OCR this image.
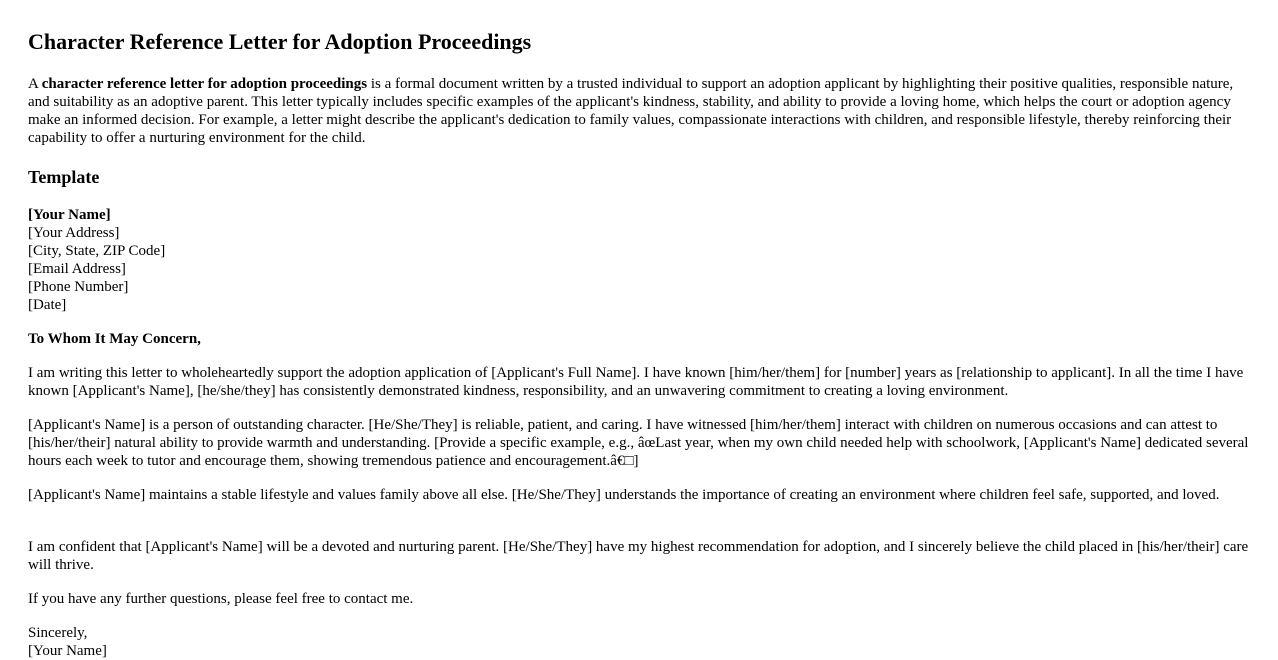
Character Reference Letter for Adoption Proceedings

A character reference letter for adoption proceedings is a formal document written by a trusted individual to support an adoption applicant by highlighting their positive qualities, responsible nature, and suitability as an adoptive parent. This letter typically includes specific examples of the applicant's kindness, stability, and ability to provide a loving home, which helps the court or adoption agency make an informed decision. For example, a letter might describe the applicant's dedication to family values, compassionate interactions with children, and responsible lifestyle, thereby reinforcing their capability to offer a nurturing environment for the child.

Template

[Your Name]
[Your Address]
[City, State, ZIP Code]
[Email Address]
[Phone Number]
[Date]

To Whom It May Concern,

I am writing this letter to wholeheartedly support the adoption application of [Applicant's Full Name]. I have known [him/her/them] for [number] years as [relationship to applicant]. In all the time I have known [Applicant's Name], [he/she/they] has consistently demonstrated kindness, responsibility, and an unwavering commitment to creating a loving environment.

[Applicant's Name] is a person of outstanding character. [He/She/They] is reliable, patient, and caring. I have witnessed [him/her/them] interact with children on numerous occasions and can attest to [his/her/their] natural ability to provide warmth and understanding. [Provide a specific example, e.g., âœLast year, when my own child needed help with schoolwork, [Applicant's Name] dedicated several hours each week to tutor and encourage them, showing tremendous patience and encouragement.â€□]

[Applicant's Name] maintains a stable lifestyle and values family above all else. [He/She/They] understands the importance of creating an environment where children feel safe, supported, and loved.

I am confident that [Applicant's Name] will be a devoted and nurturing parent. [He/She/They] have my highest recommendation for adoption, and I sincerely believe the child placed in [his/her/their] care will thrive.

If you have any further questions, please feel free to contact me.

Sincerely,
[Your Name]
